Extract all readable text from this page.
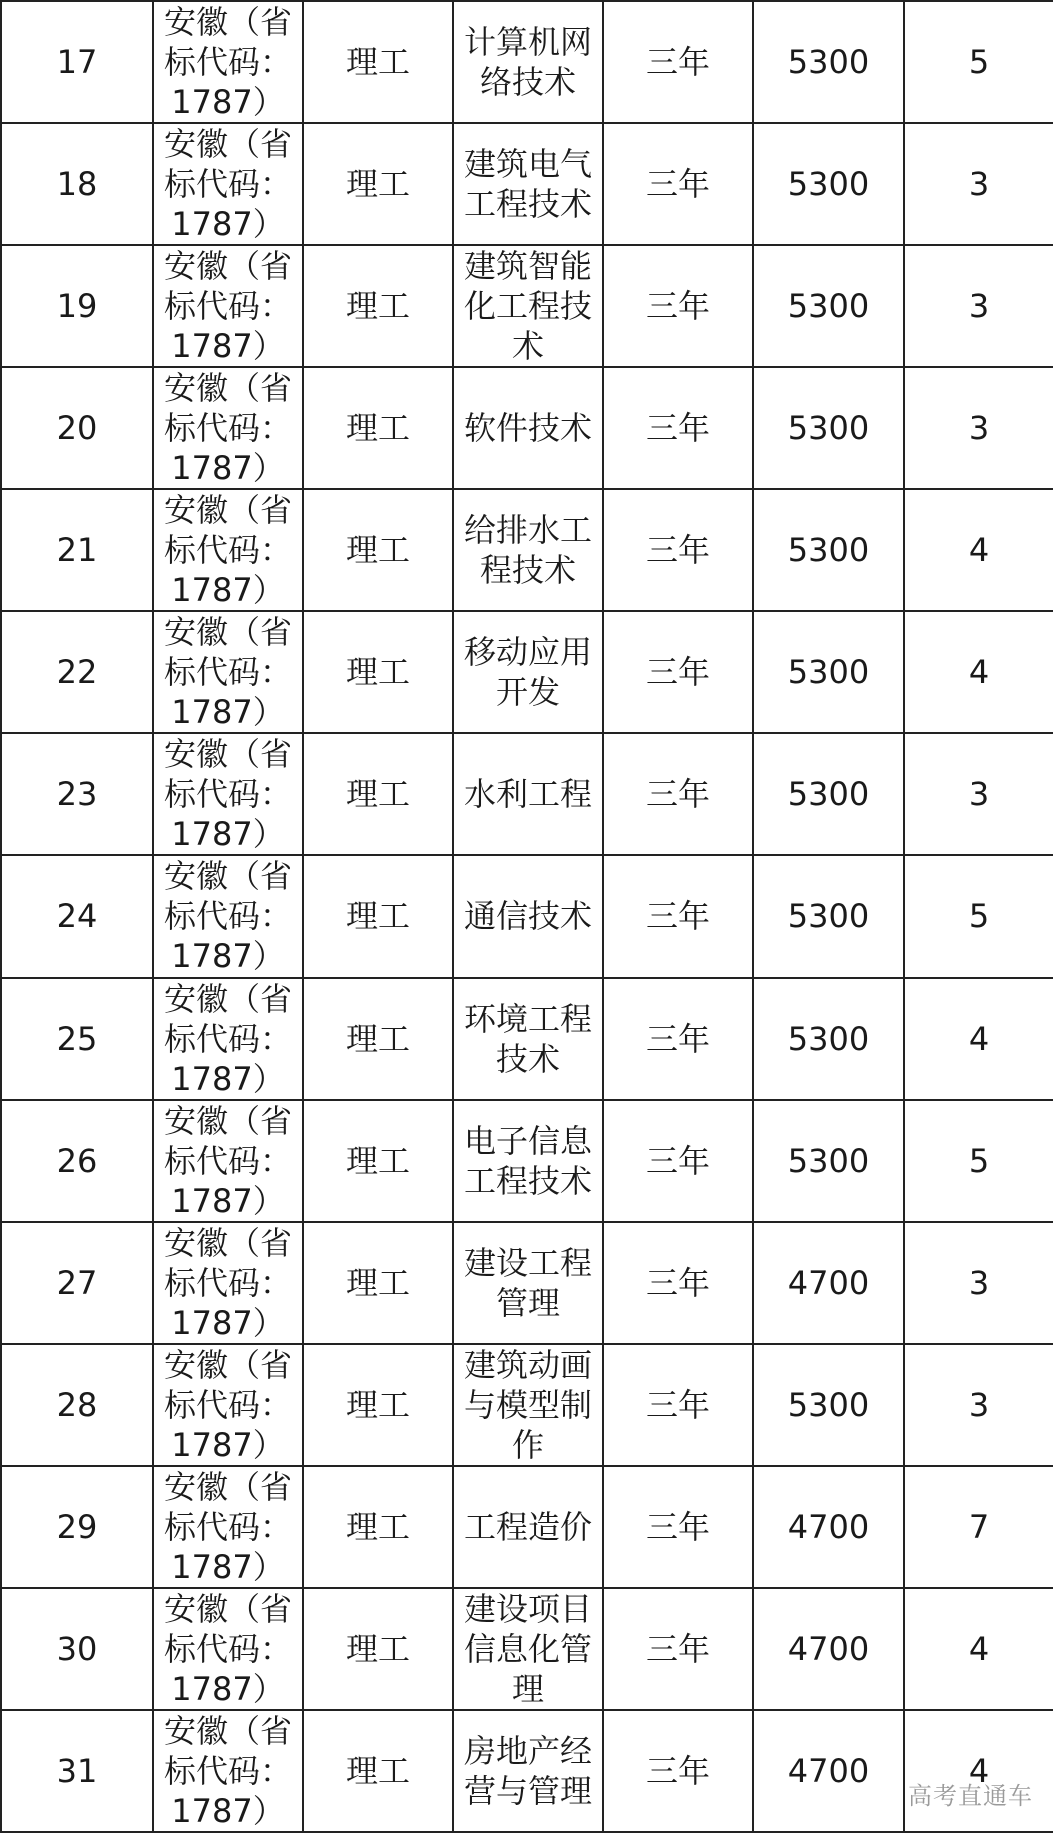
17	安徽（省
标代码：
1787）	理工	计算机网
络技术	三年	5300	5
18	安徽（省
标代码：
1787）	理工	建筑电气
工程技术	三年	5300	3
19	安徽（省
标代码：
1787）	理工	建筑智能
化工程技
术	三年	5300	3
20	安徽（省
标代码：
1787）	理工	软件技术	三年	5300	3
21	安徽（省
标代码：
1787）	理工	给排水工
程技术	三年	5300	4
22	安徽（省
标代码：
1787）	理工	移动应用
开发	三年	5300	4
23	安徽（省
标代码：
1787）	理工	水利工程	三年	5300	3
24	安徽（省
标代码：
1787）	理工	通信技术	三年	5300	5
25	安徽（省
标代码：
1787）	理工	环境工程
技术	三年	5300	4
26	安徽（省
标代码：
1787）	理工	电子信息
工程技术	三年	5300	5
27	安徽（省
标代码：
1787）	理工	建设工程
管理	三年	4700	3
28	安徽（省
标代码：
1787）	理工	建筑动画
与模型制
作	三年	5300	3
29	安徽（省
标代码：
1787）	理工	工程造价	三年	4700	7
30	安徽（省
标代码：
1787）	理工	建设项目
信息化管
理	三年	4700	4
31	安徽（省
标代码：
1787）	理工	房地产经
营与管理	三年	4700	4
高考直通车
